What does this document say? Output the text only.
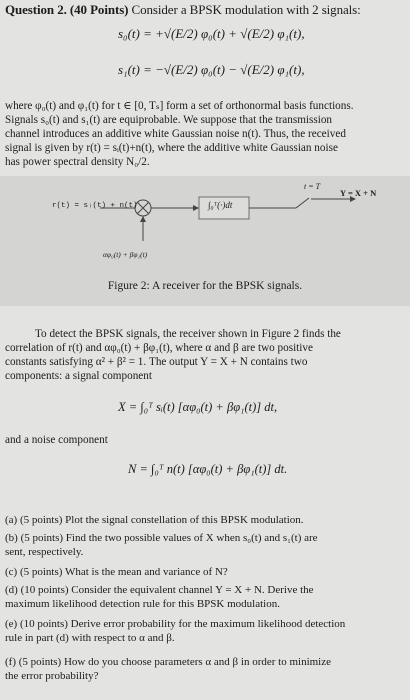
Question 2. (40 Points) Consider a BPSK modulation with 2 signals:
s₀(t) = +√(E/2) φ₀(t) + √(E/2) φ₁(t),
s₁(t) = −√(E/2) φ₀(t) − √(E/2) φ₁(t),
where φ₀(t) and φ₁(t) for t ∈ [0, Tₛ] form a set of orthonormal basis functions.
Signals s₀(t) and s₁(t) are equiprobable. We suppose that the transmission
channel introduces an additive white Gaussian noise n(t). Thus, the received
signal is given by r(t) = sᵢ(t)+n(t), where the additive white Gaussian noise
has power spectral density N₀/2.
r(t) = sᵢ(t) + n(t)	∫₀ᵀ(·)dt
t = T
Y = X + N
αφ₀(t) + βφ₁(t)
Figure 2: A receiver for the BPSK signals.
To detect the BPSK signals, the receiver shown in Figure 2 finds the
correlation of r(t) and αφ₀(t) + βφ₁(t), where α and β are two positive
constants satisfying α² + β² = 1. The output Y = X + N contains two
components: a signal component
X = ∫₀ᵀ sᵢ(t) [αφ₀(t) + βφ₁(t)] dt,
and a noise component
N = ∫₀ᵀ n(t) [αφ₀(t) + βφ₁(t)] dt.
(a) (5 points) Plot the signal constellation of this BPSK modulation.
(b) (5 points) Find the two possible values of X when s₀(t) and s₁(t) are
sent, respectively.
(c) (5 points) What is the mean and variance of N?
(d) (10 points) Consider the equivalent channel Y = X + N. Derive the
maximum likelihood detection rule for this BPSK modulation.
(e) (10 points) Derive error probability for the maximum likelihood detection
rule in part (d) with respect to α and β.
(f) (5 points) How do you choose parameters α and β in order to minimize
the error probability?
